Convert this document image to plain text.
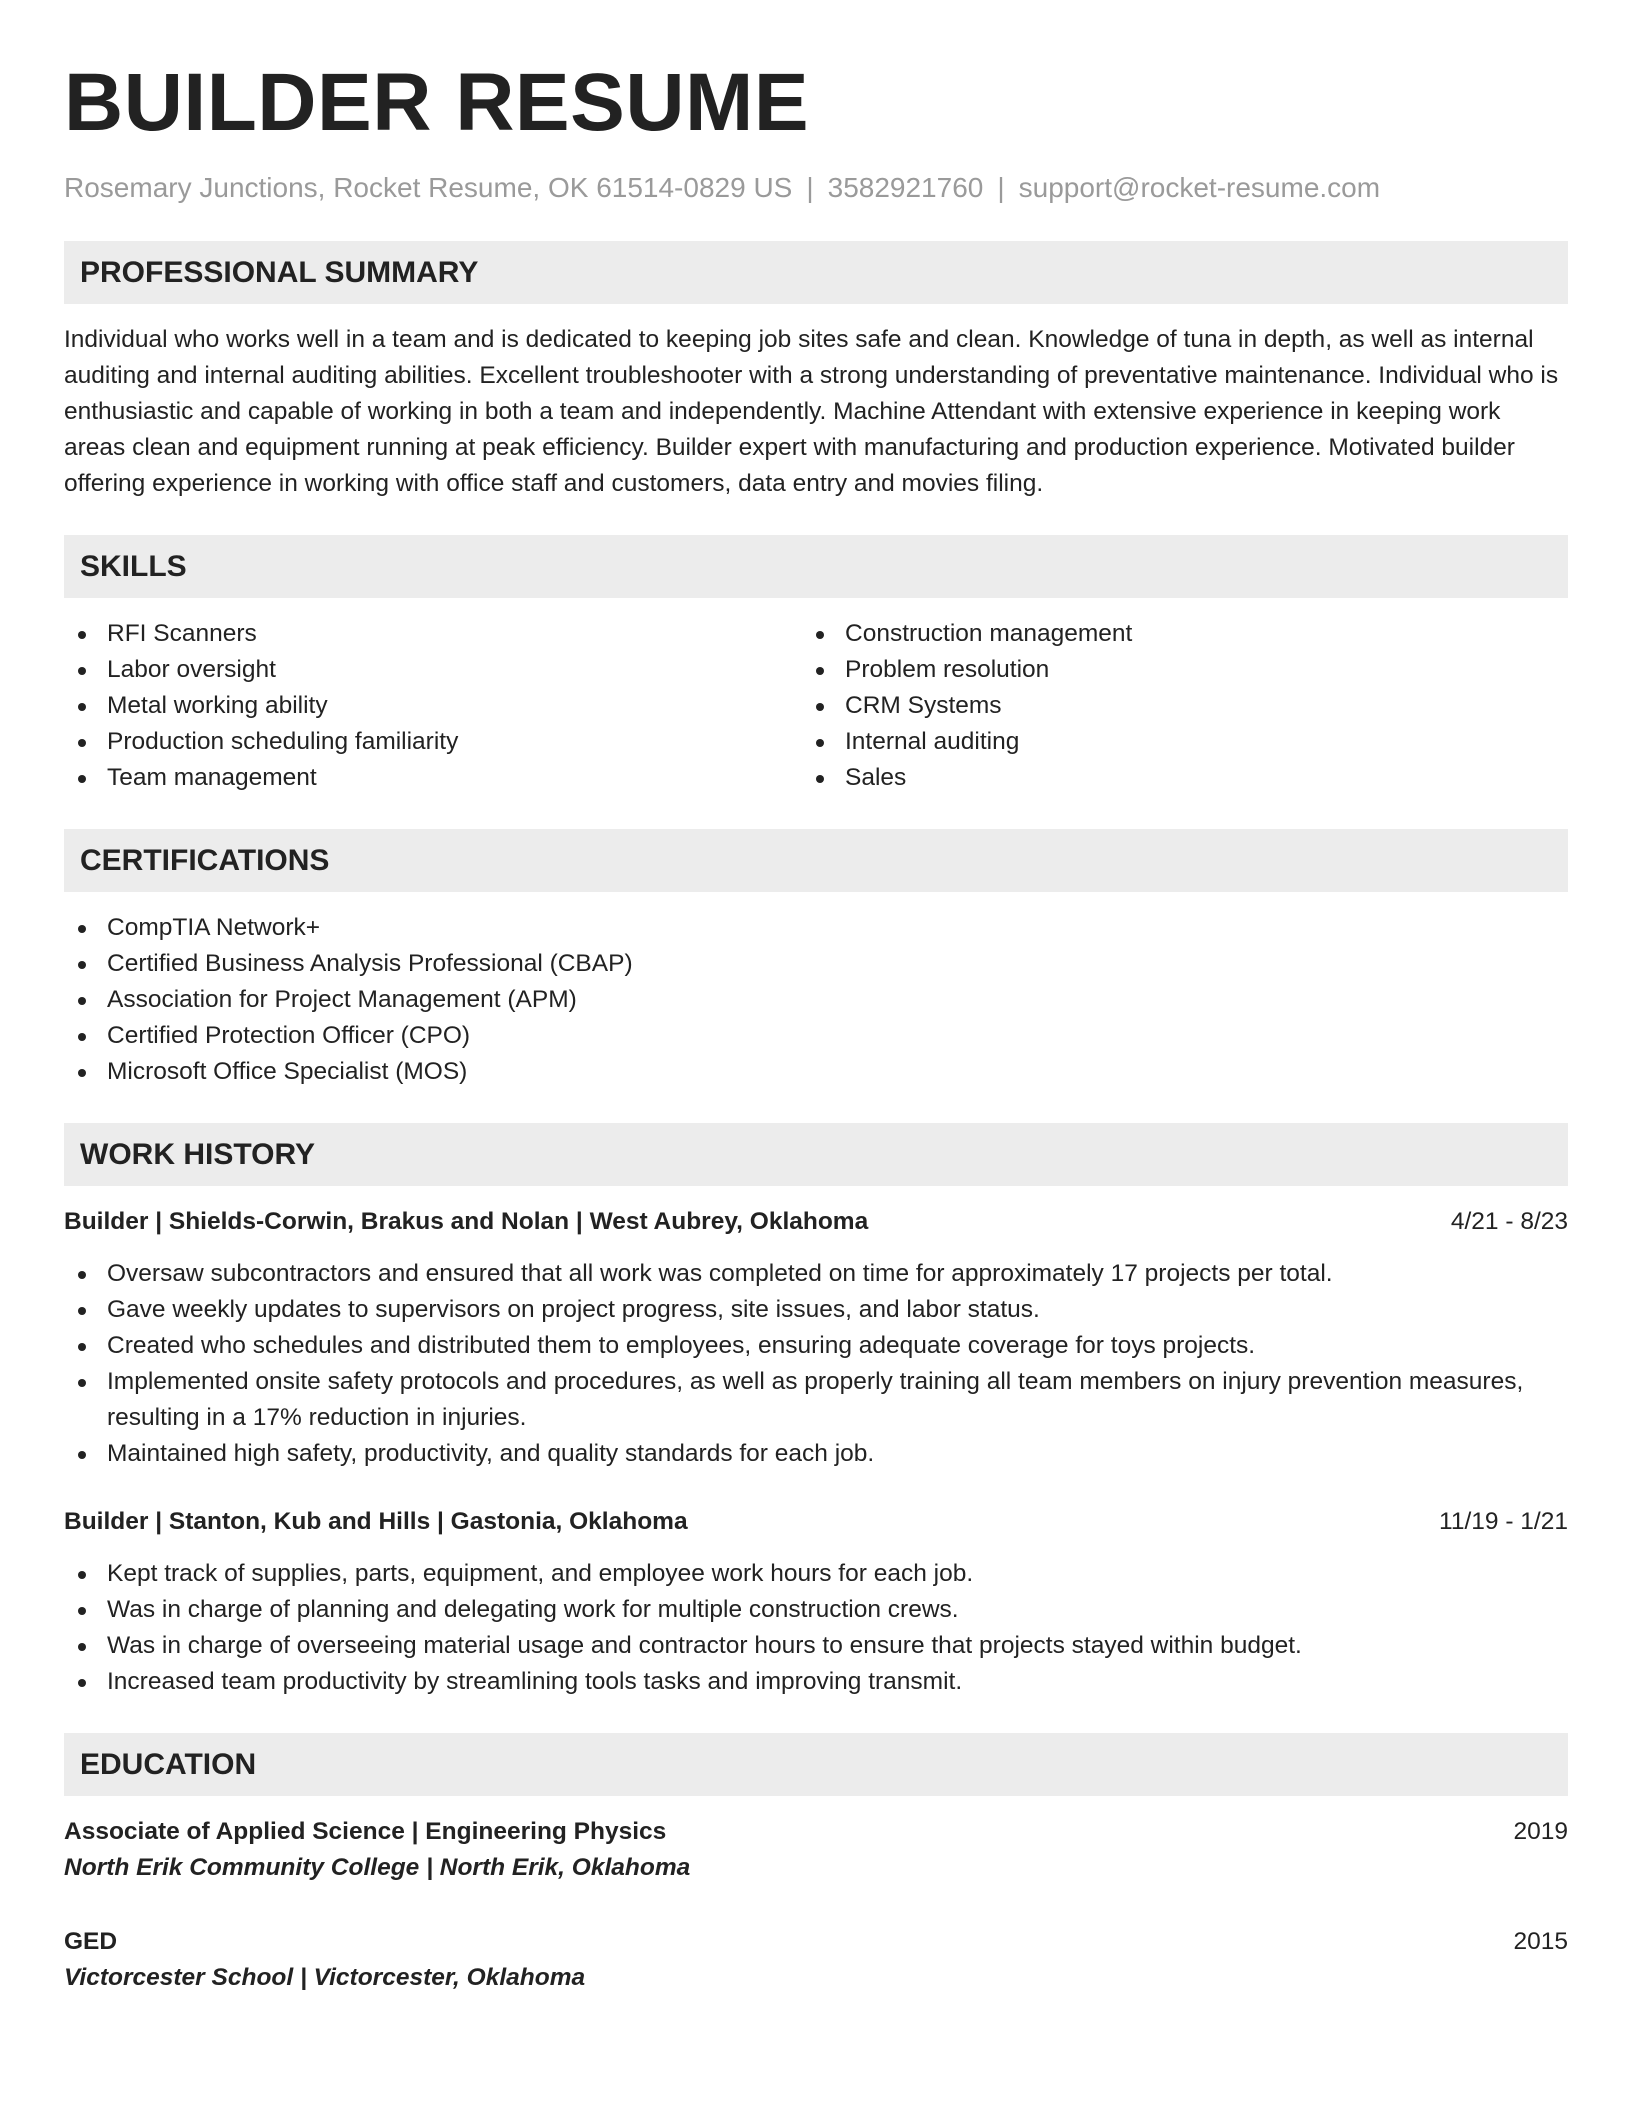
BUILDER RESUME
Rosemary Junctions, Rocket Resume, OK 61514-0829 US | 3582921760 | support@rocket-resume.com
PROFESSIONAL SUMMARY
Individual who works well in a team and is dedicated to keeping job sites safe and clean. Knowledge of tuna in depth, as well as internal auditing and internal auditing abilities. Excellent troubleshooter with a strong understanding of preventative maintenance. Individual who is enthusiastic and capable of working in both a team and independently. Machine Attendant with extensive experience in keeping work areas clean and equipment running at peak efficiency. Builder expert with manufacturing and production experience. Motivated builder offering experience in working with office staff and customers, data entry and movies filing.
SKILLS
RFI Scanners
Labor oversight
Metal working ability
Production scheduling familiarity
Team management
Construction management
Problem resolution
CRM Systems
Internal auditing
Sales
CERTIFICATIONS
CompTIA Network+
Certified Business Analysis Professional (CBAP)
Association for Project Management (APM)
Certified Protection Officer (CPO)
Microsoft Office Specialist (MOS)
WORK HISTORY
Builder | Shields-Corwin, Brakus and Nolan | West Aubrey, Oklahoma	4/21 - 8/23
Oversaw subcontractors and ensured that all work was completed on time for approximately 17 projects per total.
Gave weekly updates to supervisors on project progress, site issues, and labor status.
Created who schedules and distributed them to employees, ensuring adequate coverage for toys projects.
Implemented onsite safety protocols and procedures, as well as properly training all team members on injury prevention measures, resulting in a 17% reduction in injuries.
Maintained high safety, productivity, and quality standards for each job.
Builder | Stanton, Kub and Hills | Gastonia, Oklahoma	11/19 - 1/21
Kept track of supplies, parts, equipment, and employee work hours for each job.
Was in charge of planning and delegating work for multiple construction crews.
Was in charge of overseeing material usage and contractor hours to ensure that projects stayed within budget.
Increased team productivity by streamlining tools tasks and improving transmit.
EDUCATION
Associate of Applied Science | Engineering Physics	2019
North Erik Community College | North Erik, Oklahoma
GED	2015
Victorcester School | Victorcester, Oklahoma
